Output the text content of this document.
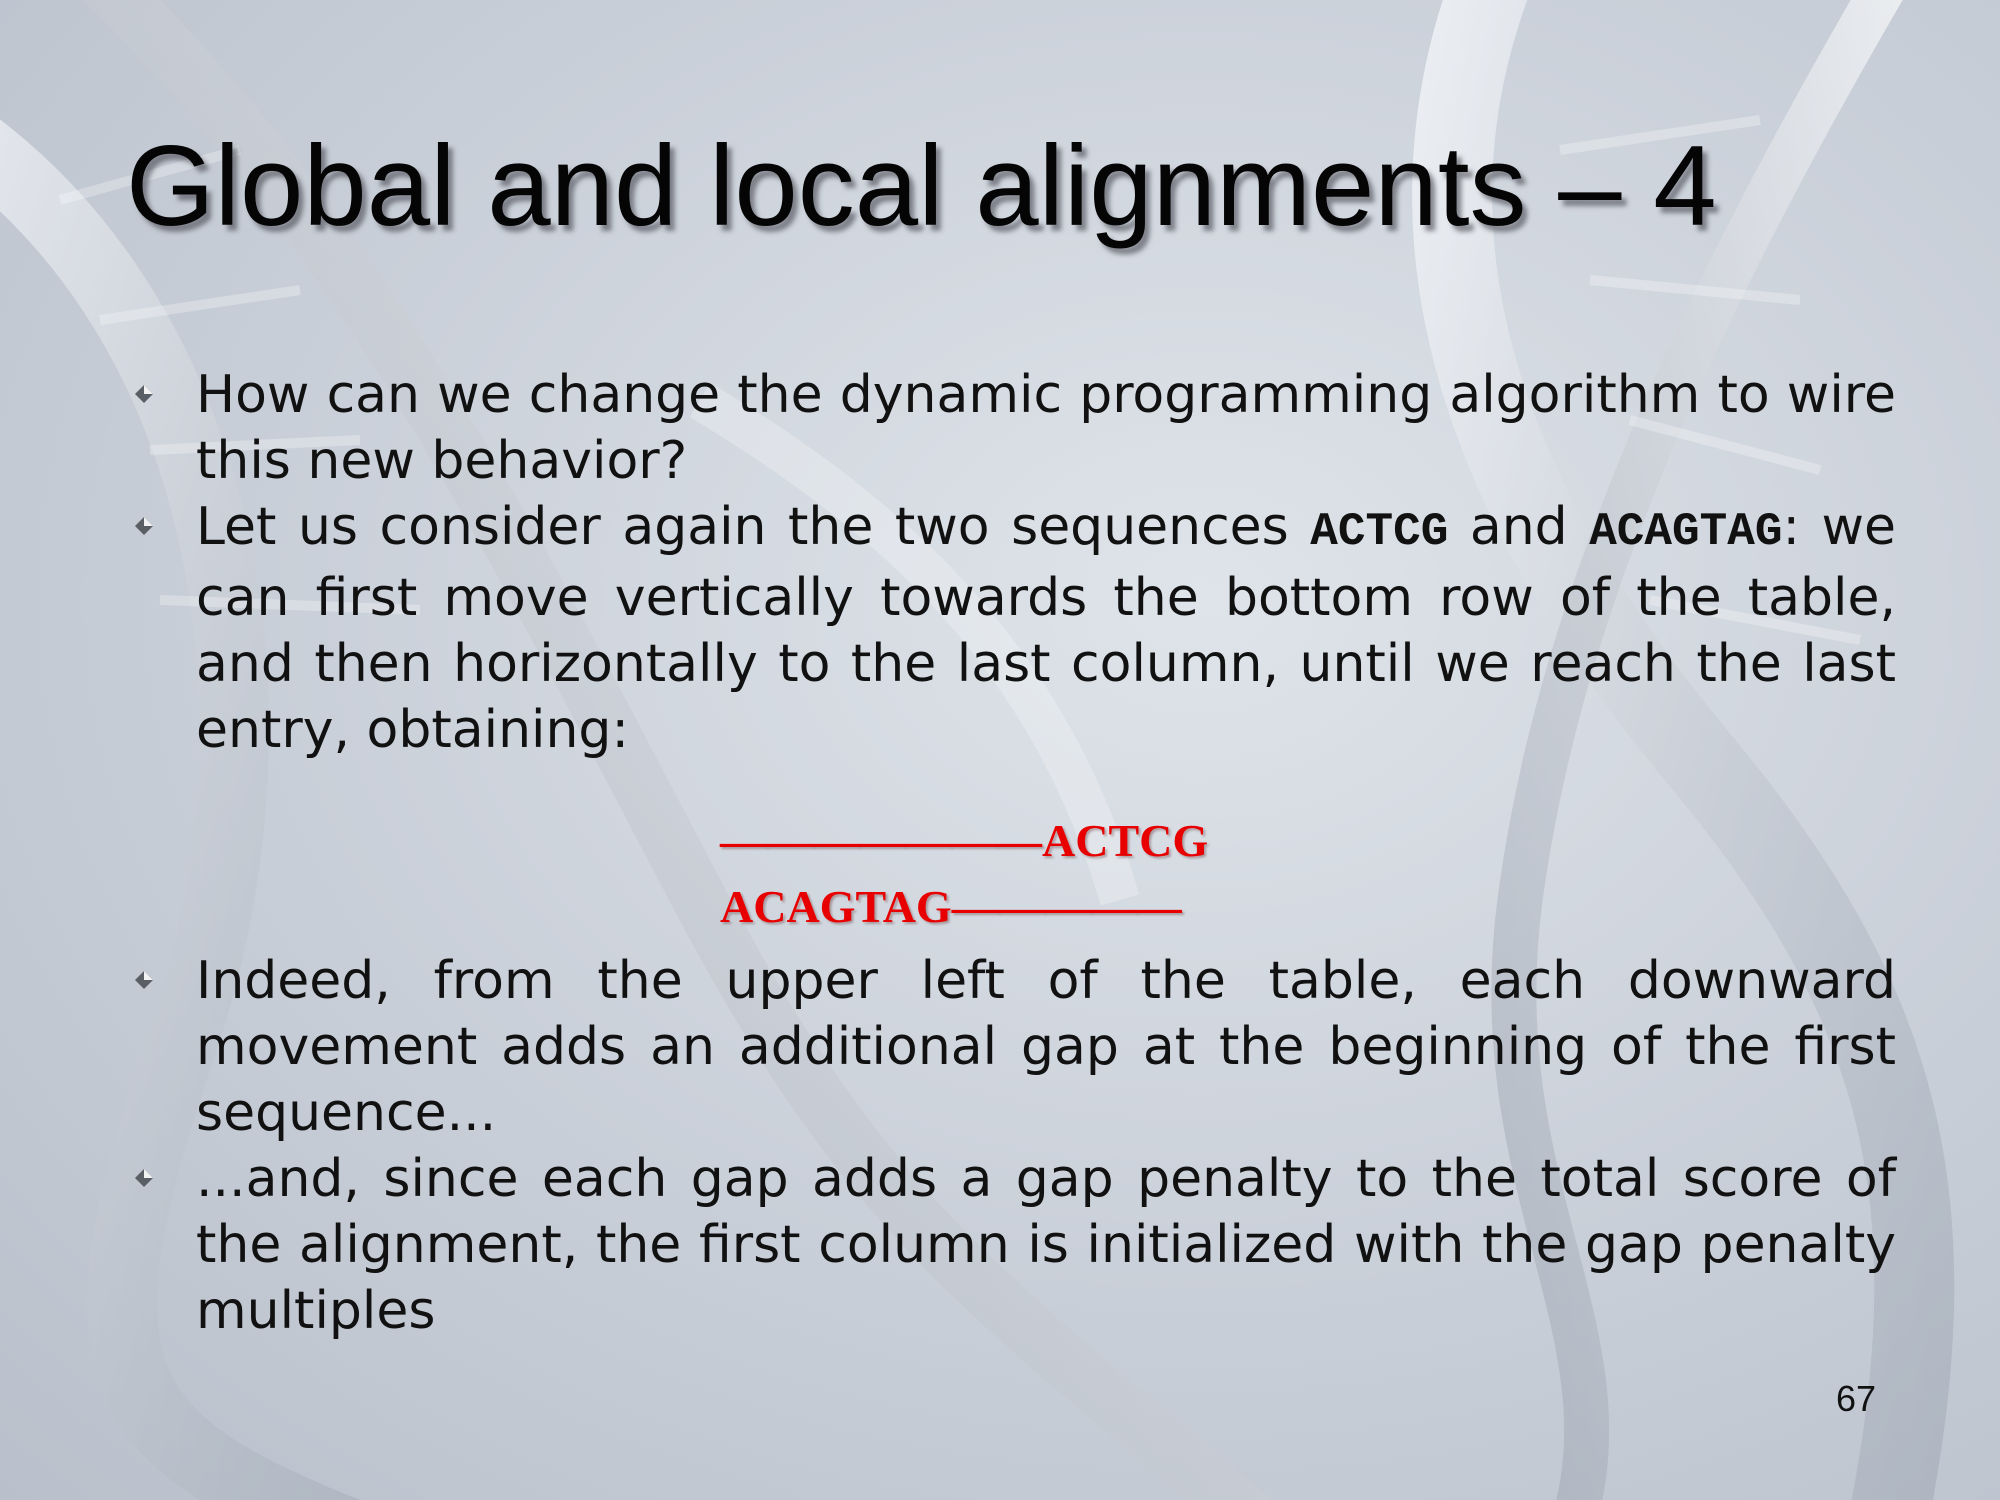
Global and local alignments – 4
How can we change the dynamic programming algorithm to wire this new behavior?
Let us consider again the two sequences ACTCG and ACAGTAG: we can first move vertically towards the bottom row of the table, and then horizontally to the last column, until we reach the last entry, obtaining:
———————ACTCG
ACAGTAG—————
Indeed, from the upper left of the table, each downward movement adds an additional gap at the beginning of the first sequence...
...and, since each gap adds a gap penalty to the total score of the alignment, the first column is initialized with the gap penalty multiples
67
